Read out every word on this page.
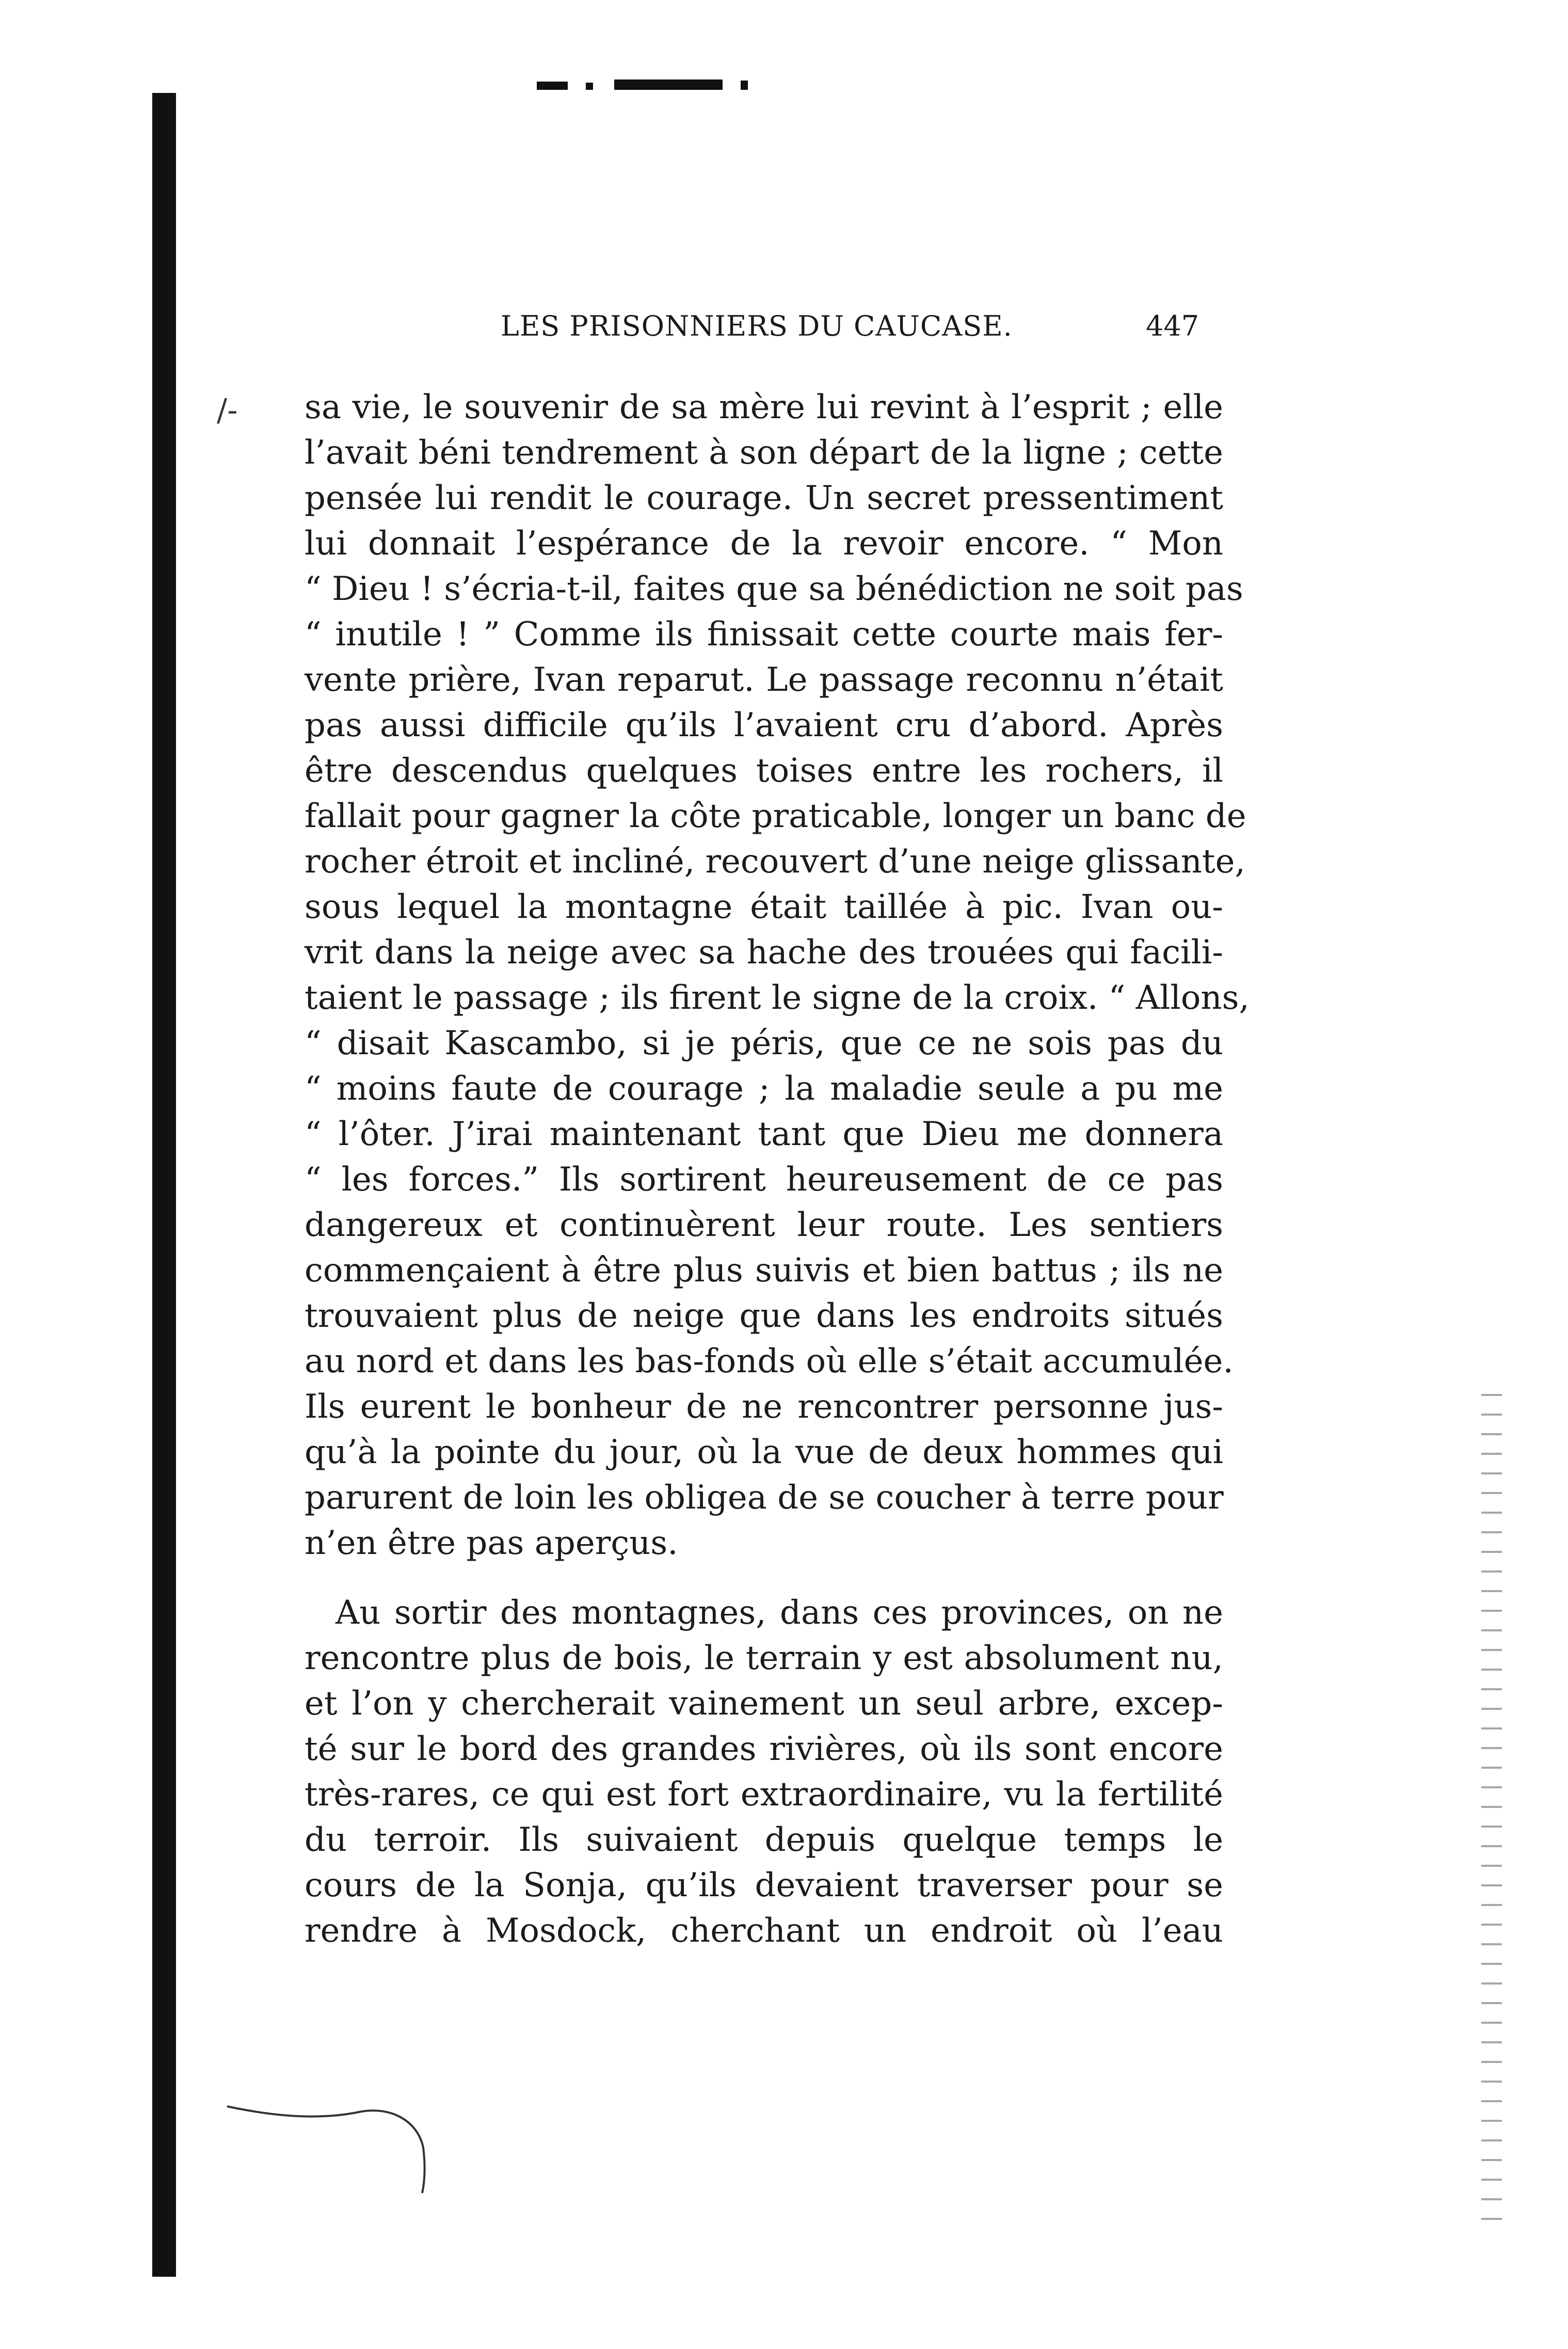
/-
LES PRISONNIERS DU CAUCASE.	447
sa vie, le souvenir de sa mère lui revint à l’esprit ; elle
l’avait béni tendrement à son départ de la ligne ; cette
pensée lui rendit le courage. Un secret pressentiment
lui donnait l’espérance de la revoir encore. “ Mon
“ Dieu ! s’écria-t-il, faites que sa bénédiction ne soit pas
“ inutile ! ” Comme ils finissait cette courte mais fer-
vente prière, Ivan reparut. Le passage reconnu n’était
pas aussi difficile qu’ils l’avaient cru d’abord. Après
être descendus quelques toises entre les rochers, il
fallait pour gagner la côte praticable, longer un banc de
rocher étroit et incliné, recouvert d’une neige glissante,
sous lequel la montagne était taillée à pic. Ivan ou-
vrit dans la neige avec sa hache des trouées qui facili-
taient le passage ; ils firent le signe de la croix. “ Allons,
“ disait Kascambo, si je péris, que ce ne sois pas du
“ moins faute de courage ; la maladie seule a pu me
“ l’ôter. J’irai maintenant tant que Dieu me donnera
“ les forces.” Ils sortirent heureusement de ce pas
dangereux et continuèrent leur route. Les sentiers
commençaient à être plus suivis et bien battus ; ils ne
trouvaient plus de neige que dans les endroits situés
au nord et dans les bas-fonds où elle s’était accumulée.
Ils eurent le bonheur de ne rencontrer personne jus-
qu’à la pointe du jour, où la vue de deux hommes qui
parurent de loin les obligea de se coucher à terre pour
n’en être pas aperçus.
Au sortir des montagnes, dans ces provinces, on ne
rencontre plus de bois, le terrain y est absolument nu,
et l’on y chercherait vainement un seul arbre, excep-
té sur le bord des grandes rivières, où ils sont encore
très-rares, ce qui est fort extraordinaire, vu la fertilité
du terroir. Ils suivaient depuis quelque temps le
cours de la Sonja, qu’ils devaient traverser pour se
rendre à Mosdock, cherchant un endroit où l’eau
